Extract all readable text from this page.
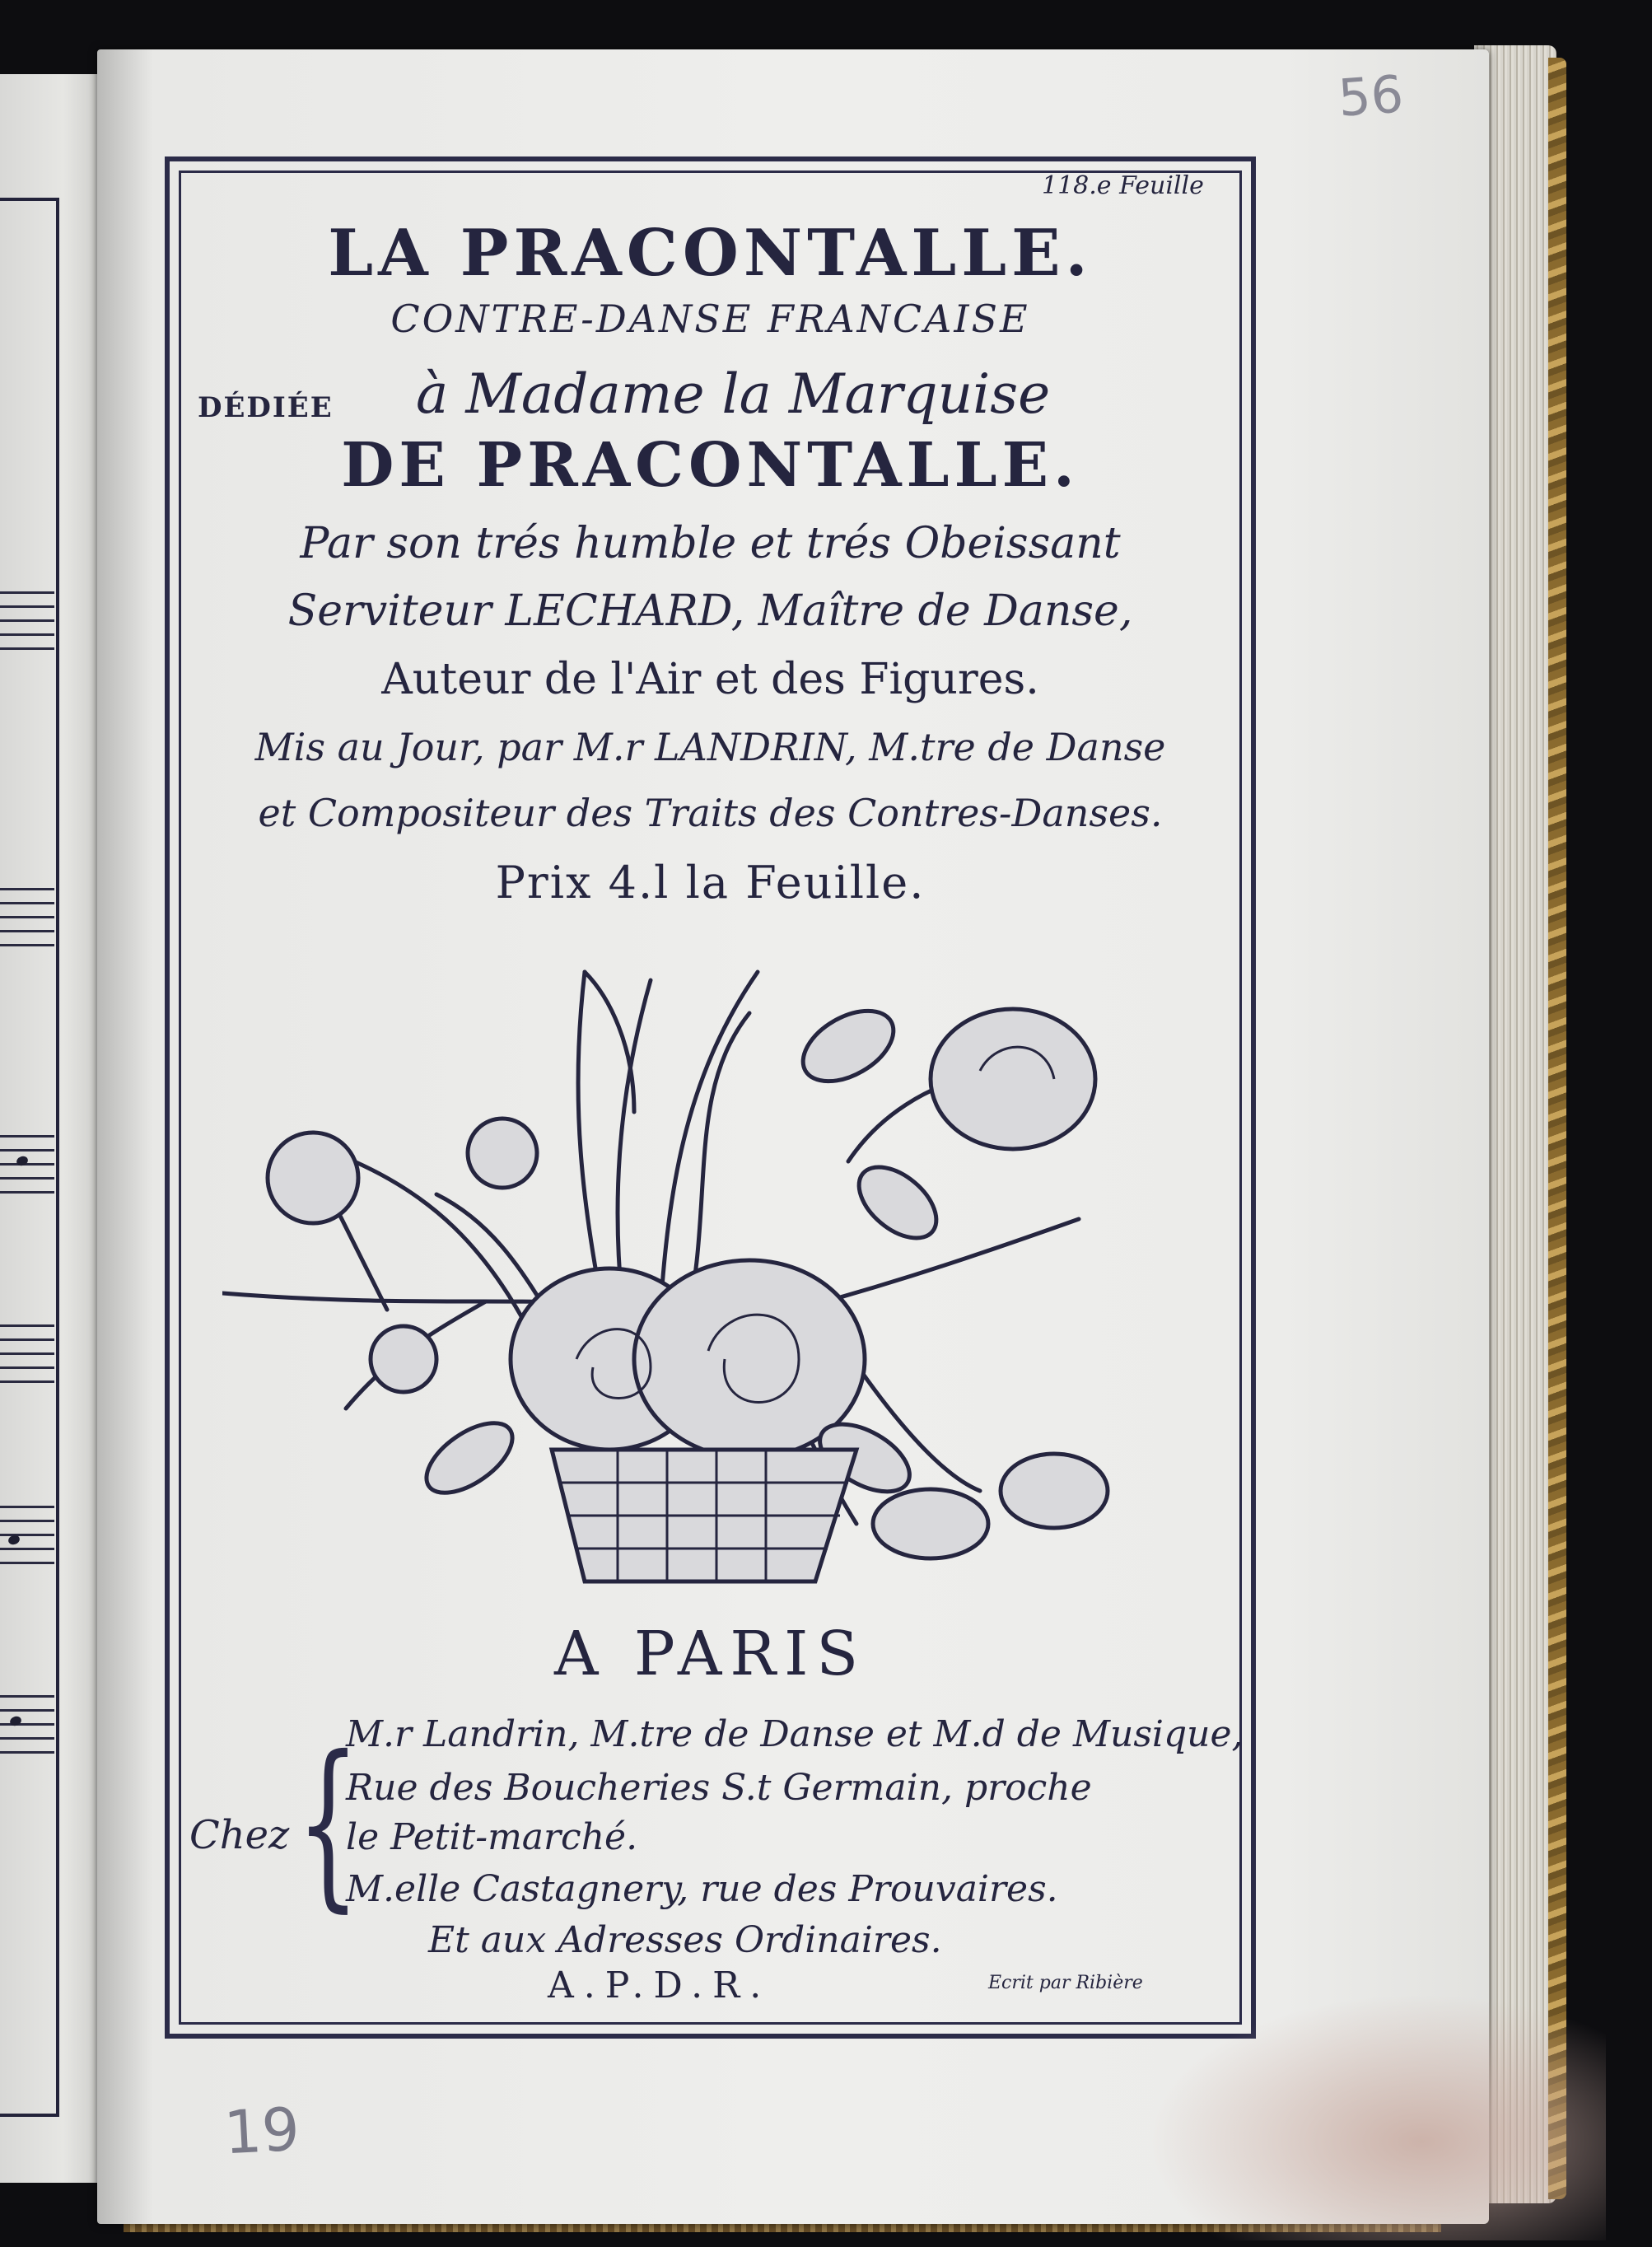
56
19
118.e Feuille
LA PRACONTALLE.
CONTRE-DANSE FRANCAISE
DÉDIÉE à Madame la Marquise
DE PRACONTALLE.
Par son trés humble et trés Obeissant
Serviteur LECHARD, Maître de Danse,
Auteur de l'Air et des Figures.
Mis au Jour, par M.r LANDRIN, M.tre de Danse
et Compositeur des Traits des Contres-Danses.
Prix 4.l la Feuille.
A PARIS
Chez {
M.r Landrin, M.tre de Danse et M.d de Musique,
Rue des Boucheries S.t Germain, proche
le Petit-marché.
M.elle Castagnery, rue des Prouvaires.
Et aux Adresses Ordinaires.
A.P.D.R.	Ecrit par Ribière
